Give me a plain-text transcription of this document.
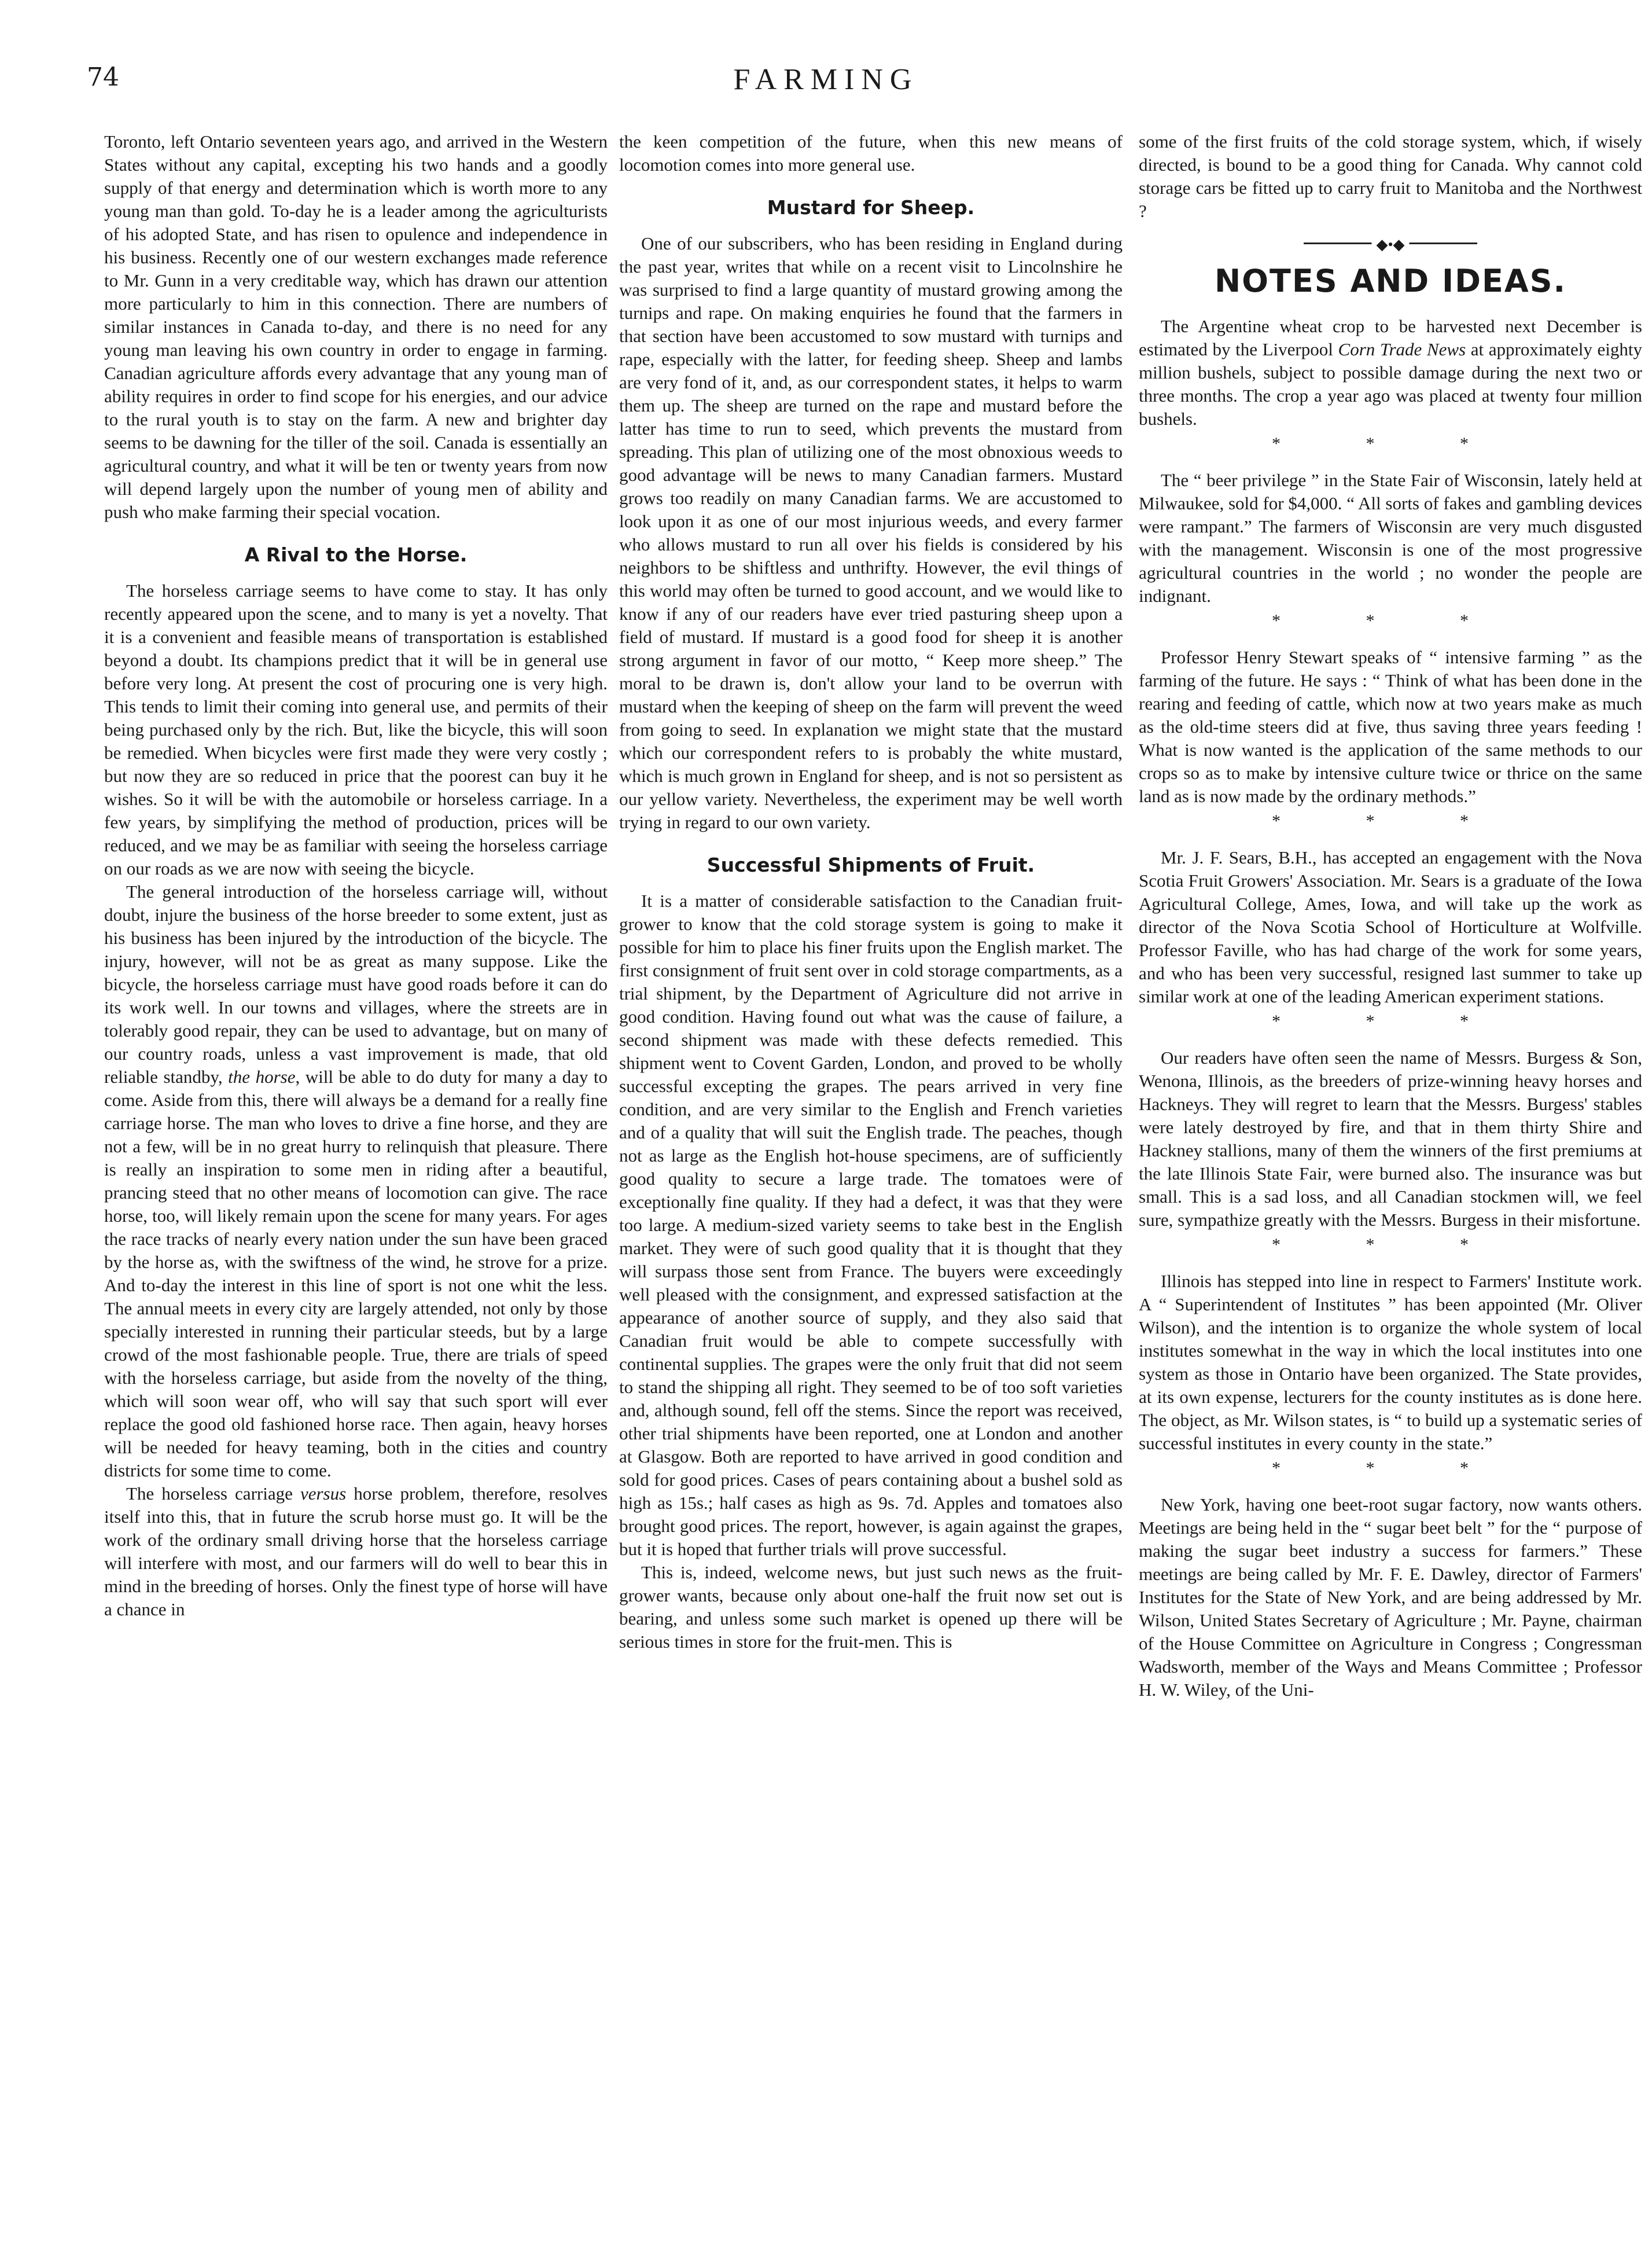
74	FARMING

Toronto, left Ontario seventeen years ago, and arrived in the Western States without any capital, excepting his two hands and a goodly supply of that energy and determination which is worth more to any young man than gold. To-day he is a leader among the agriculturists of his adopted State, and has risen to opulence and independence in his business. Recently one of our western exchanges made reference to Mr. Gunn in a very creditable way, which has drawn our attention more particularly to him in this connection. There are numbers of similar instances in Canada to-day, and there is no need for any young man leaving his own country in order to engage in farming. Canadian agriculture affords every advantage that any young man of ability requires in order to find scope for his energies, and our advice to the rural youth is to stay on the farm. A new and brighter day seems to be dawning for the tiller of the soil. Canada is essentially an agricultural country, and what it will be ten or twenty years from now will depend largely upon the number of young men of ability and push who make farming their special vocation.

A Rival to the Horse.

The horseless carriage seems to have come to stay. It has only recently appeared upon the scene, and to many is yet a novelty. That it is a convenient and feasible means of transportation is established beyond a doubt. Its champions predict that it will be in general use before very long. At present the cost of procuring one is very high. This tends to limit their coming into general use, and permits of their being purchased only by the rich. But, like the bicycle, this will soon be remedied. When bicycles were first made they were very costly ; but now they are so reduced in price that the poorest can buy it he wishes. So it will be with the automobile or horseless carriage. In a few years, by simplifying the method of production, prices will be reduced, and we may be as familiar with seeing the horseless carriage on our roads as we are now with seeing the bicycle.

The general introduction of the horseless carriage will, without doubt, injure the business of the horse breeder to some extent, just as his business has been injured by the introduction of the bicycle. The injury, however, will not be as great as many suppose. Like the bicycle, the horseless carriage must have good roads before it can do its work well. In our towns and villages, where the streets are in tolerably good repair, they can be used to advantage, but on many of our country roads, unless a vast improvement is made, that old reliable standby, the horse, will be able to do duty for many a day to come. Aside from this, there will always be a demand for a really fine carriage horse. The man who loves to drive a fine horse, and they are not a few, will be in no great hurry to relinquish that pleasure. There is really an inspiration to some men in riding after a beautiful, prancing steed that no other means of locomotion can give. The race horse, too, will likely remain upon the scene for many years. For ages the race tracks of nearly every nation under the sun have been graced by the horse as, with the swiftness of the wind, he strove for a prize. And to-day the interest in this line of sport is not one whit the less. The annual meets in every city are largely attended, not only by those specially interested in running their particular steeds, but by a large crowd of the most fashionable people. True, there are trials of speed with the horseless carriage, but aside from the novelty of the thing, which will soon wear off, who will say that such sport will ever replace the good old fashioned horse race. Then again, heavy horses will be needed for heavy teaming, both in the cities and country districts for some time to come.

The horseless carriage versus horse problem, therefore, resolves itself into this, that in future the scrub horse must go. It will be the work of the ordinary small driving horse that the horseless carriage will interfere with most, and our farmers will do well to bear this in mind in the breeding of horses. Only the finest type of horse will have a chance in

the keen competition of the future, when this new means of locomotion comes into more general use.

Mustard for Sheep.

One of our subscribers, who has been residing in England during the past year, writes that while on a recent visit to Lincolnshire he was surprised to find a large quantity of mustard growing among the turnips and rape. On making enquiries he found that the farmers in that section have been accustomed to sow mustard with turnips and rape, especially with the latter, for feeding sheep. Sheep and lambs are very fond of it, and, as our correspondent states, it helps to warm them up. The sheep are turned on the rape and mustard before the latter has time to run to seed, which prevents the mustard from spreading. This plan of utilizing one of the most obnoxious weeds to good advantage will be news to many Canadian farmers. Mustard grows too readily on many Canadian farms. We are accustomed to look upon it as one of our most injurious weeds, and every farmer who allows mustard to run all over his fields is considered by his neighbors to be shiftless and unthrifty. However, the evil things of this world may often be turned to good account, and we would like to know if any of our readers have ever tried pasturing sheep upon a field of mustard. If mustard is a good food for sheep it is another strong argument in favor of our motto, “ Keep more sheep.” The moral to be drawn is, don't allow your land to be overrun with mustard when the keeping of sheep on the farm will prevent the weed from going to seed. In explanation we might state that the mustard which our correspondent refers to is probably the white mustard, which is much grown in England for sheep, and is not so persistent as our yellow variety. Nevertheless, the experiment may be well worth trying in regard to our own variety.

Successful Shipments of Fruit.

It is a matter of considerable satisfaction to the Canadian fruit-grower to know that the cold storage system is going to make it possible for him to place his finer fruits upon the English market. The first consignment of fruit sent over in cold storage compartments, as a trial shipment, by the Department of Agriculture did not arrive in good condition. Having found out what was the cause of failure, a second shipment was made with these defects remedied. This shipment went to Covent Garden, London, and proved to be wholly successful excepting the grapes. The pears arrived in very fine condition, and are very similar to the English and French varieties and of a quality that will suit the English trade. The peaches, though not as large as the English hot-house specimens, are of sufficiently good quality to secure a large trade. The tomatoes were of exceptionally fine quality. If they had a defect, it was that they were too large. A medium-sized variety seems to take best in the English market. They were of such good quality that it is thought that they will surpass those sent from France. The buyers were exceedingly well pleased with the consignment, and expressed satisfaction at the appearance of another source of supply, and they also said that Canadian fruit would be able to compete successfully with continental supplies. The grapes were the only fruit that did not seem to stand the shipping all right. They seemed to be of too soft varieties and, although sound, fell off the stems. Since the report was received, other trial shipments have been reported, one at London and another at Glasgow. Both are reported to have arrived in good condition and sold for good prices. Cases of pears containing about a bushel sold as high as 15s.; half cases as high as 9s. 7d. Apples and tomatoes also brought good prices. The report, however, is again against the grapes, but it is hoped that further trials will prove successful.

This is, indeed, welcome news, but just such news as the fruit-grower wants, because only about one-half the fruit now set out is bearing, and unless some such market is opened up there will be serious times in store for the fruit-men. This is

some of the first fruits of the cold storage system, which, if wisely directed, is bound to be a good thing for Canada. Why cannot cold storage cars be fitted up to carry fruit to Manitoba and the Northwest ?

◆•◆
NOTES AND IDEAS.

The Argentine wheat crop to be harvested next December is estimated by the Liverpool Corn Trade News at approximately eighty million bushels, subject to possible damage during the next two or three months. The crop a year ago was placed at twenty four million bushels.

* * *

The “ beer privilege ” in the State Fair of Wisconsin, lately held at Milwaukee, sold for $4,000. “ All sorts of fakes and gambling devices were rampant.” The farmers of Wisconsin are very much disgusted with the management. Wisconsin is one of the most progressive agricultural countries in the world ; no wonder the people are indignant.

* * *

Professor Henry Stewart speaks of “ intensive farming ” as the farming of the future. He says : “ Think of what has been done in the rearing and feeding of cattle, which now at two years make as much as the old-time steers did at five, thus saving three years feeding ! What is now wanted is the application of the same methods to our crops so as to make by intensive culture twice or thrice on the same land as is now made by the ordinary methods.”

* * *

Mr. J. F. Sears, B.H., has accepted an engagement with the Nova Scotia Fruit Growers' Association. Mr. Sears is a graduate of the Iowa Agricultural College, Ames, Iowa, and will take up the work as director of the Nova Scotia School of Horticulture at Wolfville. Professor Faville, who has had charge of the work for some years, and who has been very successful, resigned last summer to take up similar work at one of the leading American experiment stations.

* * *

Our readers have often seen the name of Messrs. Burgess & Son, Wenona, Illinois, as the breeders of prize-winning heavy horses and Hackneys. They will regret to learn that the Messrs. Burgess' stables were lately destroyed by fire, and that in them thirty Shire and Hackney stallions, many of them the winners of the first premiums at the late Illinois State Fair, were burned also. The insurance was but small. This is a sad loss, and all Canadian stockmen will, we feel sure, sympathize greatly with the Messrs. Burgess in their misfortune.

* * *

Illinois has stepped into line in respect to Farmers' Institute work. A “ Superintendent of Institutes ” has been appointed (Mr. Oliver Wilson), and the intention is to organize the whole system of local institutes somewhat in the way in which the local institutes into one system as those in Ontario have been organized. The State provides, at its own expense, lecturers for the county institutes as is done here. The object, as Mr. Wilson states, is “ to build up a systematic series of successful institutes in every county in the state.”

* * *

New York, having one beet-root sugar factory, now wants others. Meetings are being held in the “ sugar beet belt ” for the “ purpose of making the sugar beet industry a success for farmers.” These meetings are being called by Mr. F. E. Dawley, director of Farmers' Institutes for the State of New York, and are being addressed by Mr. Wilson, United States Secretary of Agriculture ; Mr. Payne, chairman of the House Committee on Agriculture in Congress ; Congressman Wadsworth, member of the Ways and Means Committee ; Professor H. W. Wiley, of the Uni-
